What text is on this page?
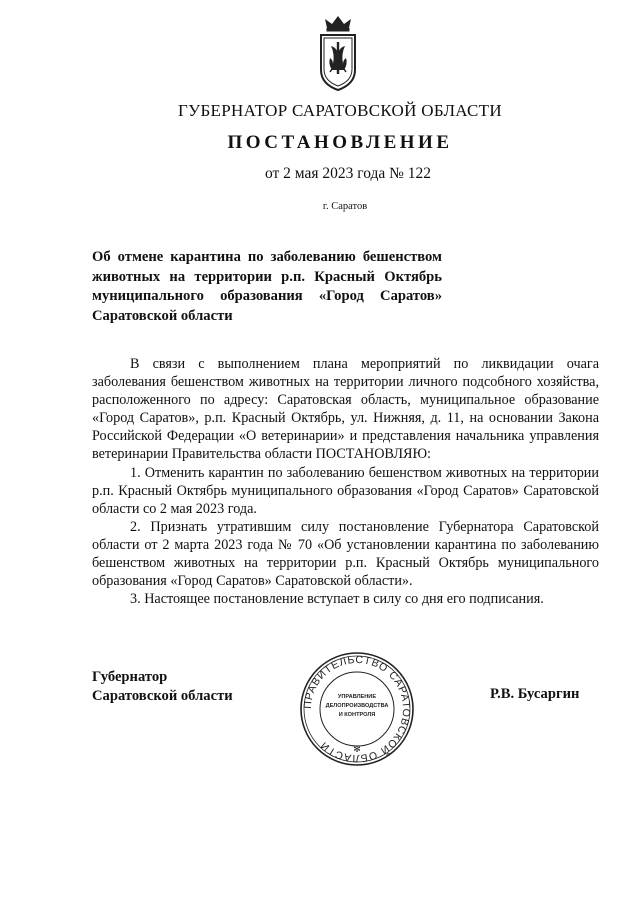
ГУБЕРНАТОР САРАТОВСКОЙ ОБЛАСТИ
ПОСТАНОВЛЕНИЕ
от 2 мая 2023 года № 122
г. Саратов
Об отмене карантина по заболеванию бешенством
животных на территории р.п. Красный Октябрь
муниципального образования «Город Саратов»
Саратовской области

В связи с выполнением плана мероприятий по ликвидации очага заболевания бешенством животных на территории личного подсобного хозяйства, расположенного по адресу: Саратовская область, муниципальное образование «Город Саратов», р.п. Красный Октябрь, ул. Нижняя, д. 11, на основании Закона Российской Федерации «О ветеринарии» и представления начальника управления ветеринарии Правительства области ПОСТАНОВЛЯЮ:

1. Отменить карантин по заболеванию бешенством животных на территории р.п. Красный Октябрь муниципального образования «Город Саратов» Саратовской области со 2 мая 2023 года.

2. Признать утратившим силу постановление Губернатора Саратовской области от 2 марта 2023 года № 70 «Об установлении карантина по заболеванию бешенством животных на территории р.п. Красный Октябрь муниципального образования «Город Саратов» Саратовской области».

3. Настоящее постановление вступает в силу со дня его подписания.

Губернатор
Саратовской области
ПРАВИТЕЛЬСТВО САРАТОВСКОЙ ОБЛАСТИ
УПРАВЛЕНИЕ
ДЕЛОПРОИЗВОДСТВА
И КОНТРОЛЯ
✻
Р.В. Бусаргин
